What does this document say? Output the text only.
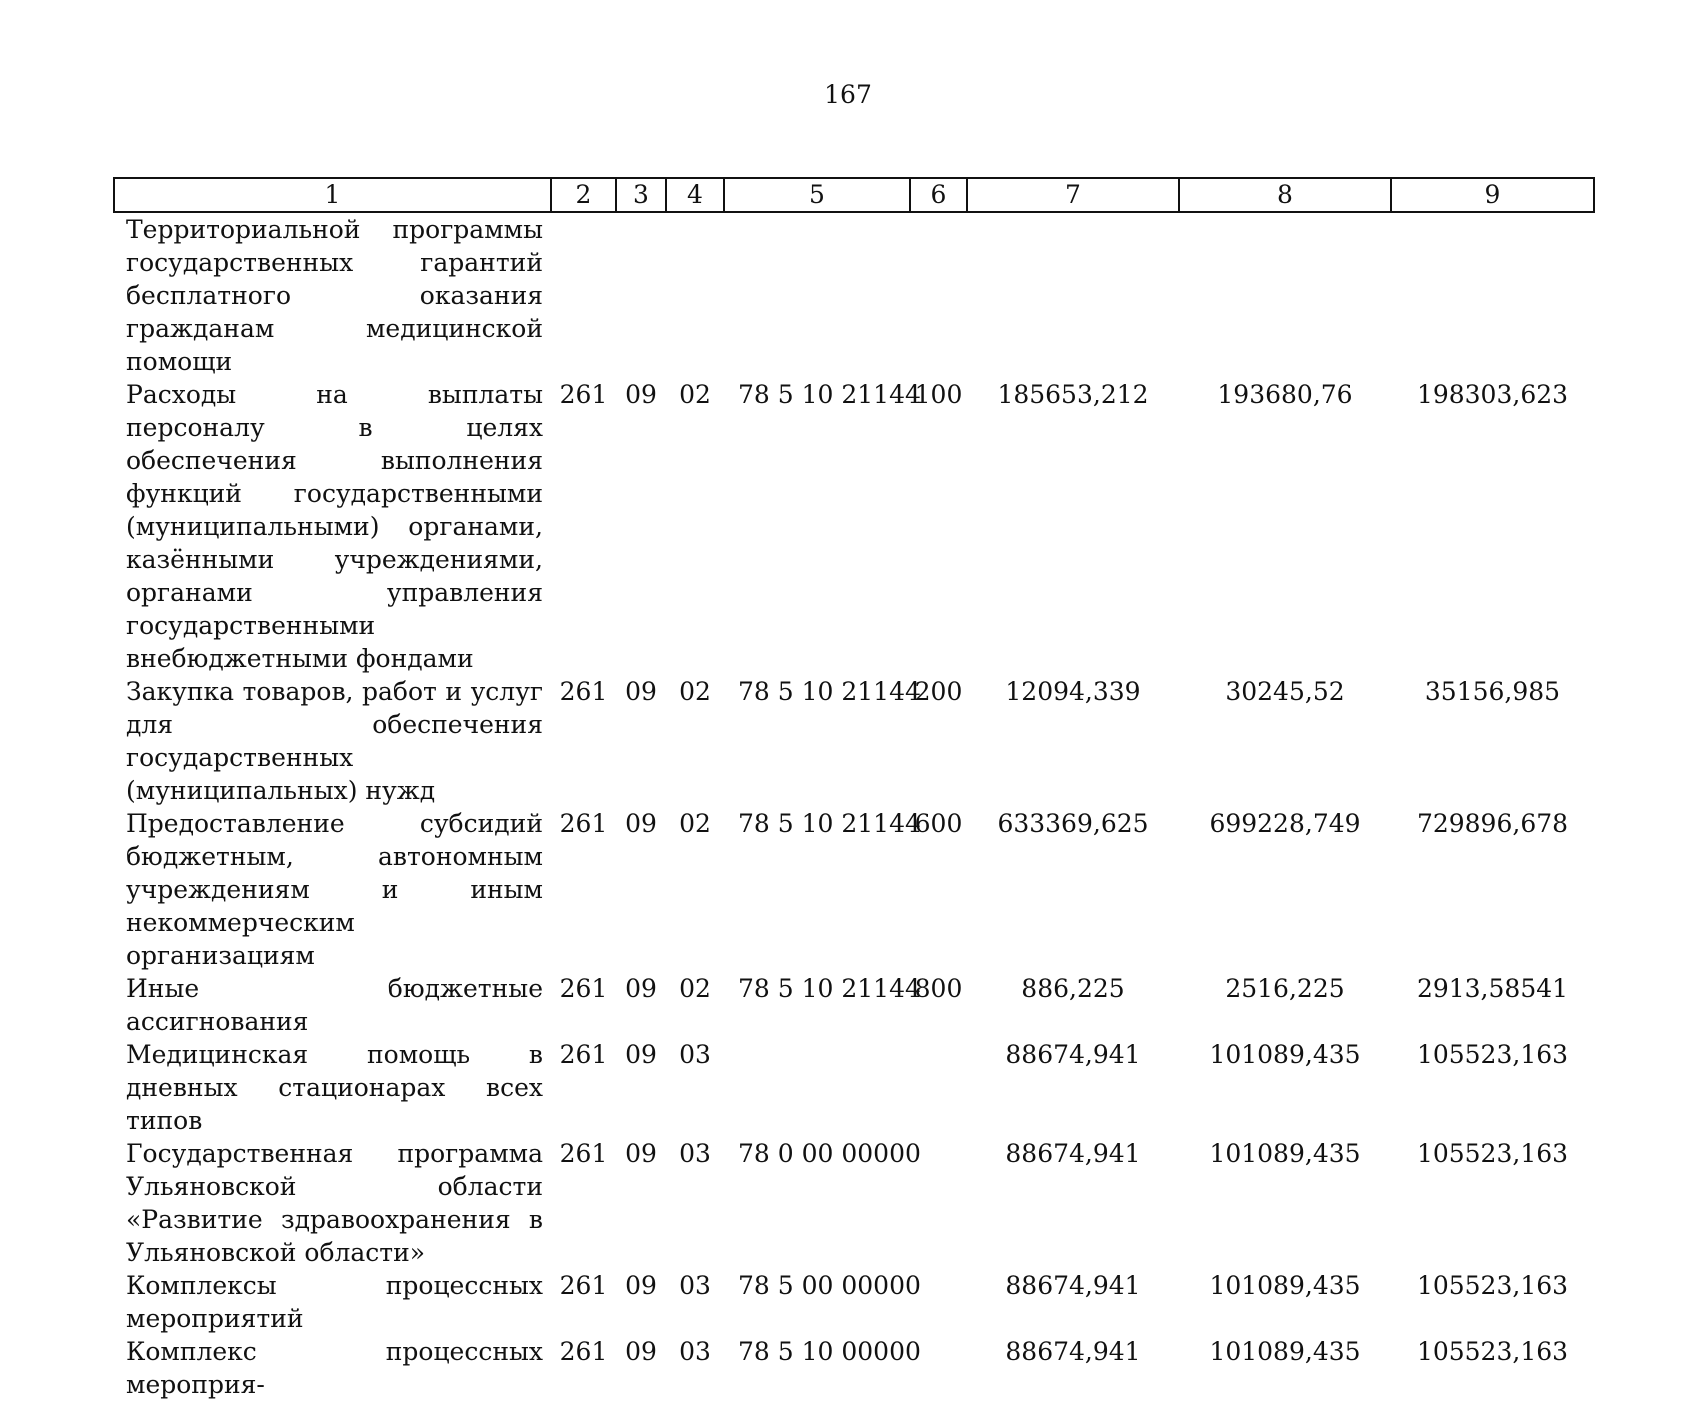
167
1	2	3	4	5	6	7	8	9
Территориальной программы государственных гарантий бесплатного оказания гражданам медицинской помощи								
Расходы на выплаты персоналу в целях обеспечения выполнения функций государственными (муниципальными) органами, казёнными учреждениями, органами управления государственными внебюджетными фондами	261	09	02	78 5 10 21144	100	185653,212	193680,76	198303,623
Закупка товаров, работ и услуг для обеспечения государственных (муниципальных) нужд	261	09	02	78 5 10 21144	200	12094,339	30245,52	35156,985
Предоставление субсидий бюджетным, автономным учреждениям и иным некоммерческим организациям	261	09	02	78 5 10 21144	600	633369,625	699228,749	729896,678
Иные бюджетные ассигнования	261	09	02	78 5 10 21144	800	886,225	2516,225	2913,58541
Медицинская помощь в дневных стационарах всех типов	261	09	03			88674,941	101089,435	105523,163
Государственная программа Ульяновской области «Развитие здравоохранения в Ульяновской области»	261	09	03	78 0 00 00000		88674,941	101089,435	105523,163
Комплексы процессных мероприятий	261	09	03	78 5 00 00000		88674,941	101089,435	105523,163
Комплекс процессных мероприя-	261	09	03	78 5 10 00000		88674,941	101089,435	105523,163
